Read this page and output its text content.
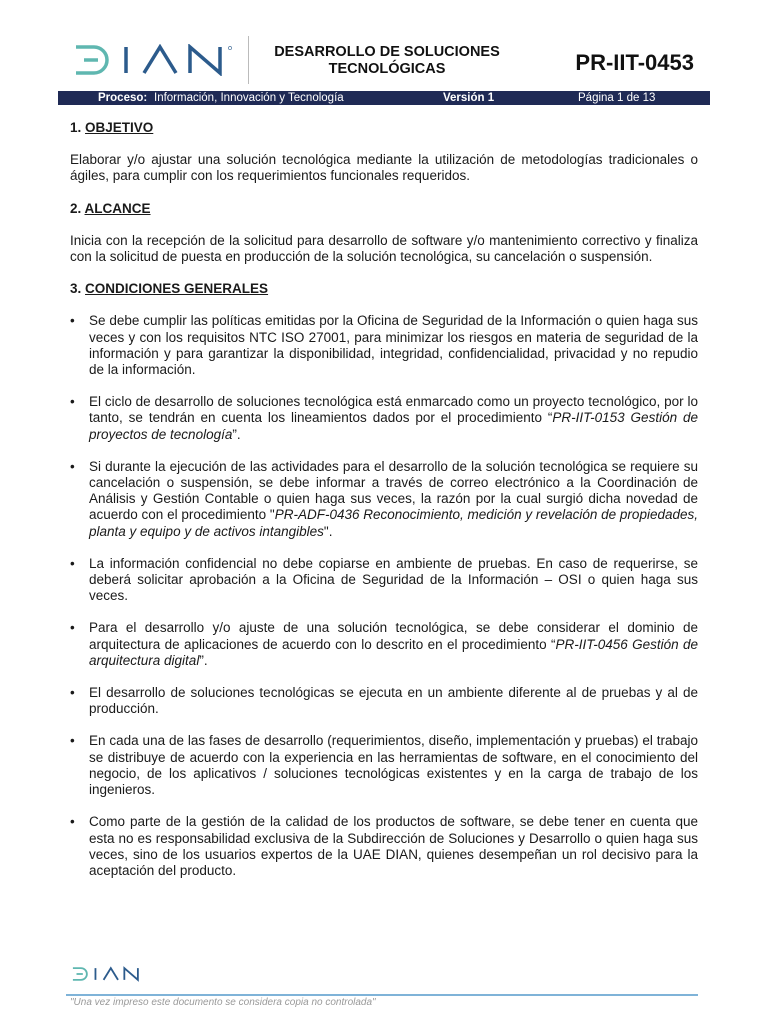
DESARROLLO DE SOLUCIONES
TECNOLÓGICAS	PR-IIT-0453
Proceso: Información, Innovación y Tecnología	Versión 1	Página 1 de 13
1. OBJETIVO

Elaborar y/o ajustar una solución tecnológica mediante la utilización de metodologías tradicionales o ágiles, para cumplir con los requerimientos funcionales requeridos.

2. ALCANCE

Inicia con la recepción de la solicitud para desarrollo de software y/o mantenimiento correctivo y finaliza con la solicitud de puesta en producción de la solución tecnológica, su cancelación o suspensión.

3. CONDICIONES GENERALES
• Se debe cumplir las políticas emitidas por la Oficina de Seguridad de la Información o quien haga sus veces y con los requisitos NTC ISO 27001, para minimizar los riesgos en materia de seguridad de la información y para garantizar la disponibilidad, integridad, confidencialidad, privacidad y no repudio de la información.
• El ciclo de desarrollo de soluciones tecnológica está enmarcado como un proyecto tecnológico, por lo tanto, se tendrán en cuenta los lineamientos dados por el procedimiento “PR-IIT-0153 Gestión de proyectos de tecnología”.
• Si durante la ejecución de las actividades para el desarrollo de la solución tecnológica se requiere su cancelación o suspensión, se debe informar a través de correo electrónico a la Coordinación de Análisis y Gestión Contable o quien haga sus veces, la razón por la cual surgió dicha novedad de acuerdo con el procedimiento "PR-ADF-0436 Reconocimiento, medición y revelación de propiedades, planta y equipo y de activos intangibles".
• La información confidencial no debe copiarse en ambiente de pruebas. En caso de requerirse, se deberá solicitar aprobación a la Oficina de Seguridad de la Información – OSI o quien haga sus veces.
• Para el desarrollo y/o ajuste de una solución tecnológica, se debe considerar el dominio de arquitectura de aplicaciones de acuerdo con lo descrito en el procedimiento “PR-IIT-0456 Gestión de arquitectura digital”.
• El desarrollo de soluciones tecnológicas se ejecuta en un ambiente diferente al de pruebas y al de producción.
• En cada una de las fases de desarrollo (requerimientos, diseño, implementación y pruebas) el trabajo se distribuye de acuerdo con la experiencia en las herramientas de software, en el conocimiento del negocio, de los aplicativos / soluciones tecnológicas existentes y en la carga de trabajo de los ingenieros.
• Como parte de la gestión de la calidad de los productos de software, se debe tener en cuenta que esta no es responsabilidad exclusiva de la Subdirección de Soluciones y Desarrollo o quien haga sus veces, sino de los usuarios expertos de la UAE DIAN, quienes desempeñan un rol decisivo para la aceptación del producto.
"Una vez impreso este documento se considera copia no controlada"
